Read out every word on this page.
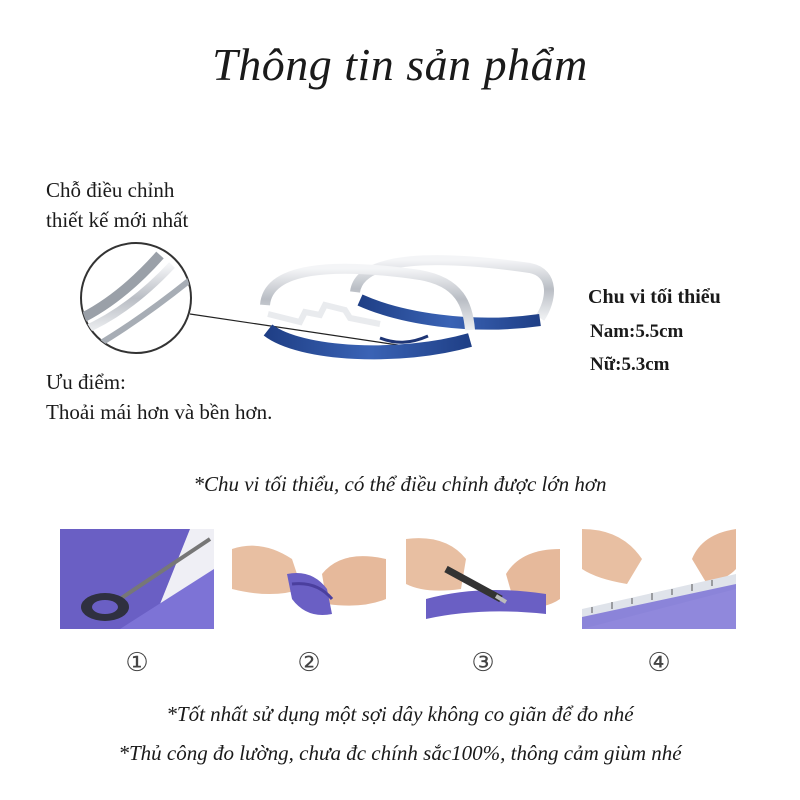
Thông tin sản phẩm
Chỗ điều chỉnh
thiết kế mới nhất
Ưu điểm:
Thoải mái hơn và bền hơn.
Chu vi tối thiểu
Nam:5.5cm
Nữ:5.3cm
*Chu vi tối thiểu, có thể điều chỉnh được lớn hơn
①	②	③	④
*Tốt nhất sử dụng một sợi dây không co giãn để đo nhé
*Thủ công đo lường, chưa đc chính sắc100%, thông cảm giùm nhé
